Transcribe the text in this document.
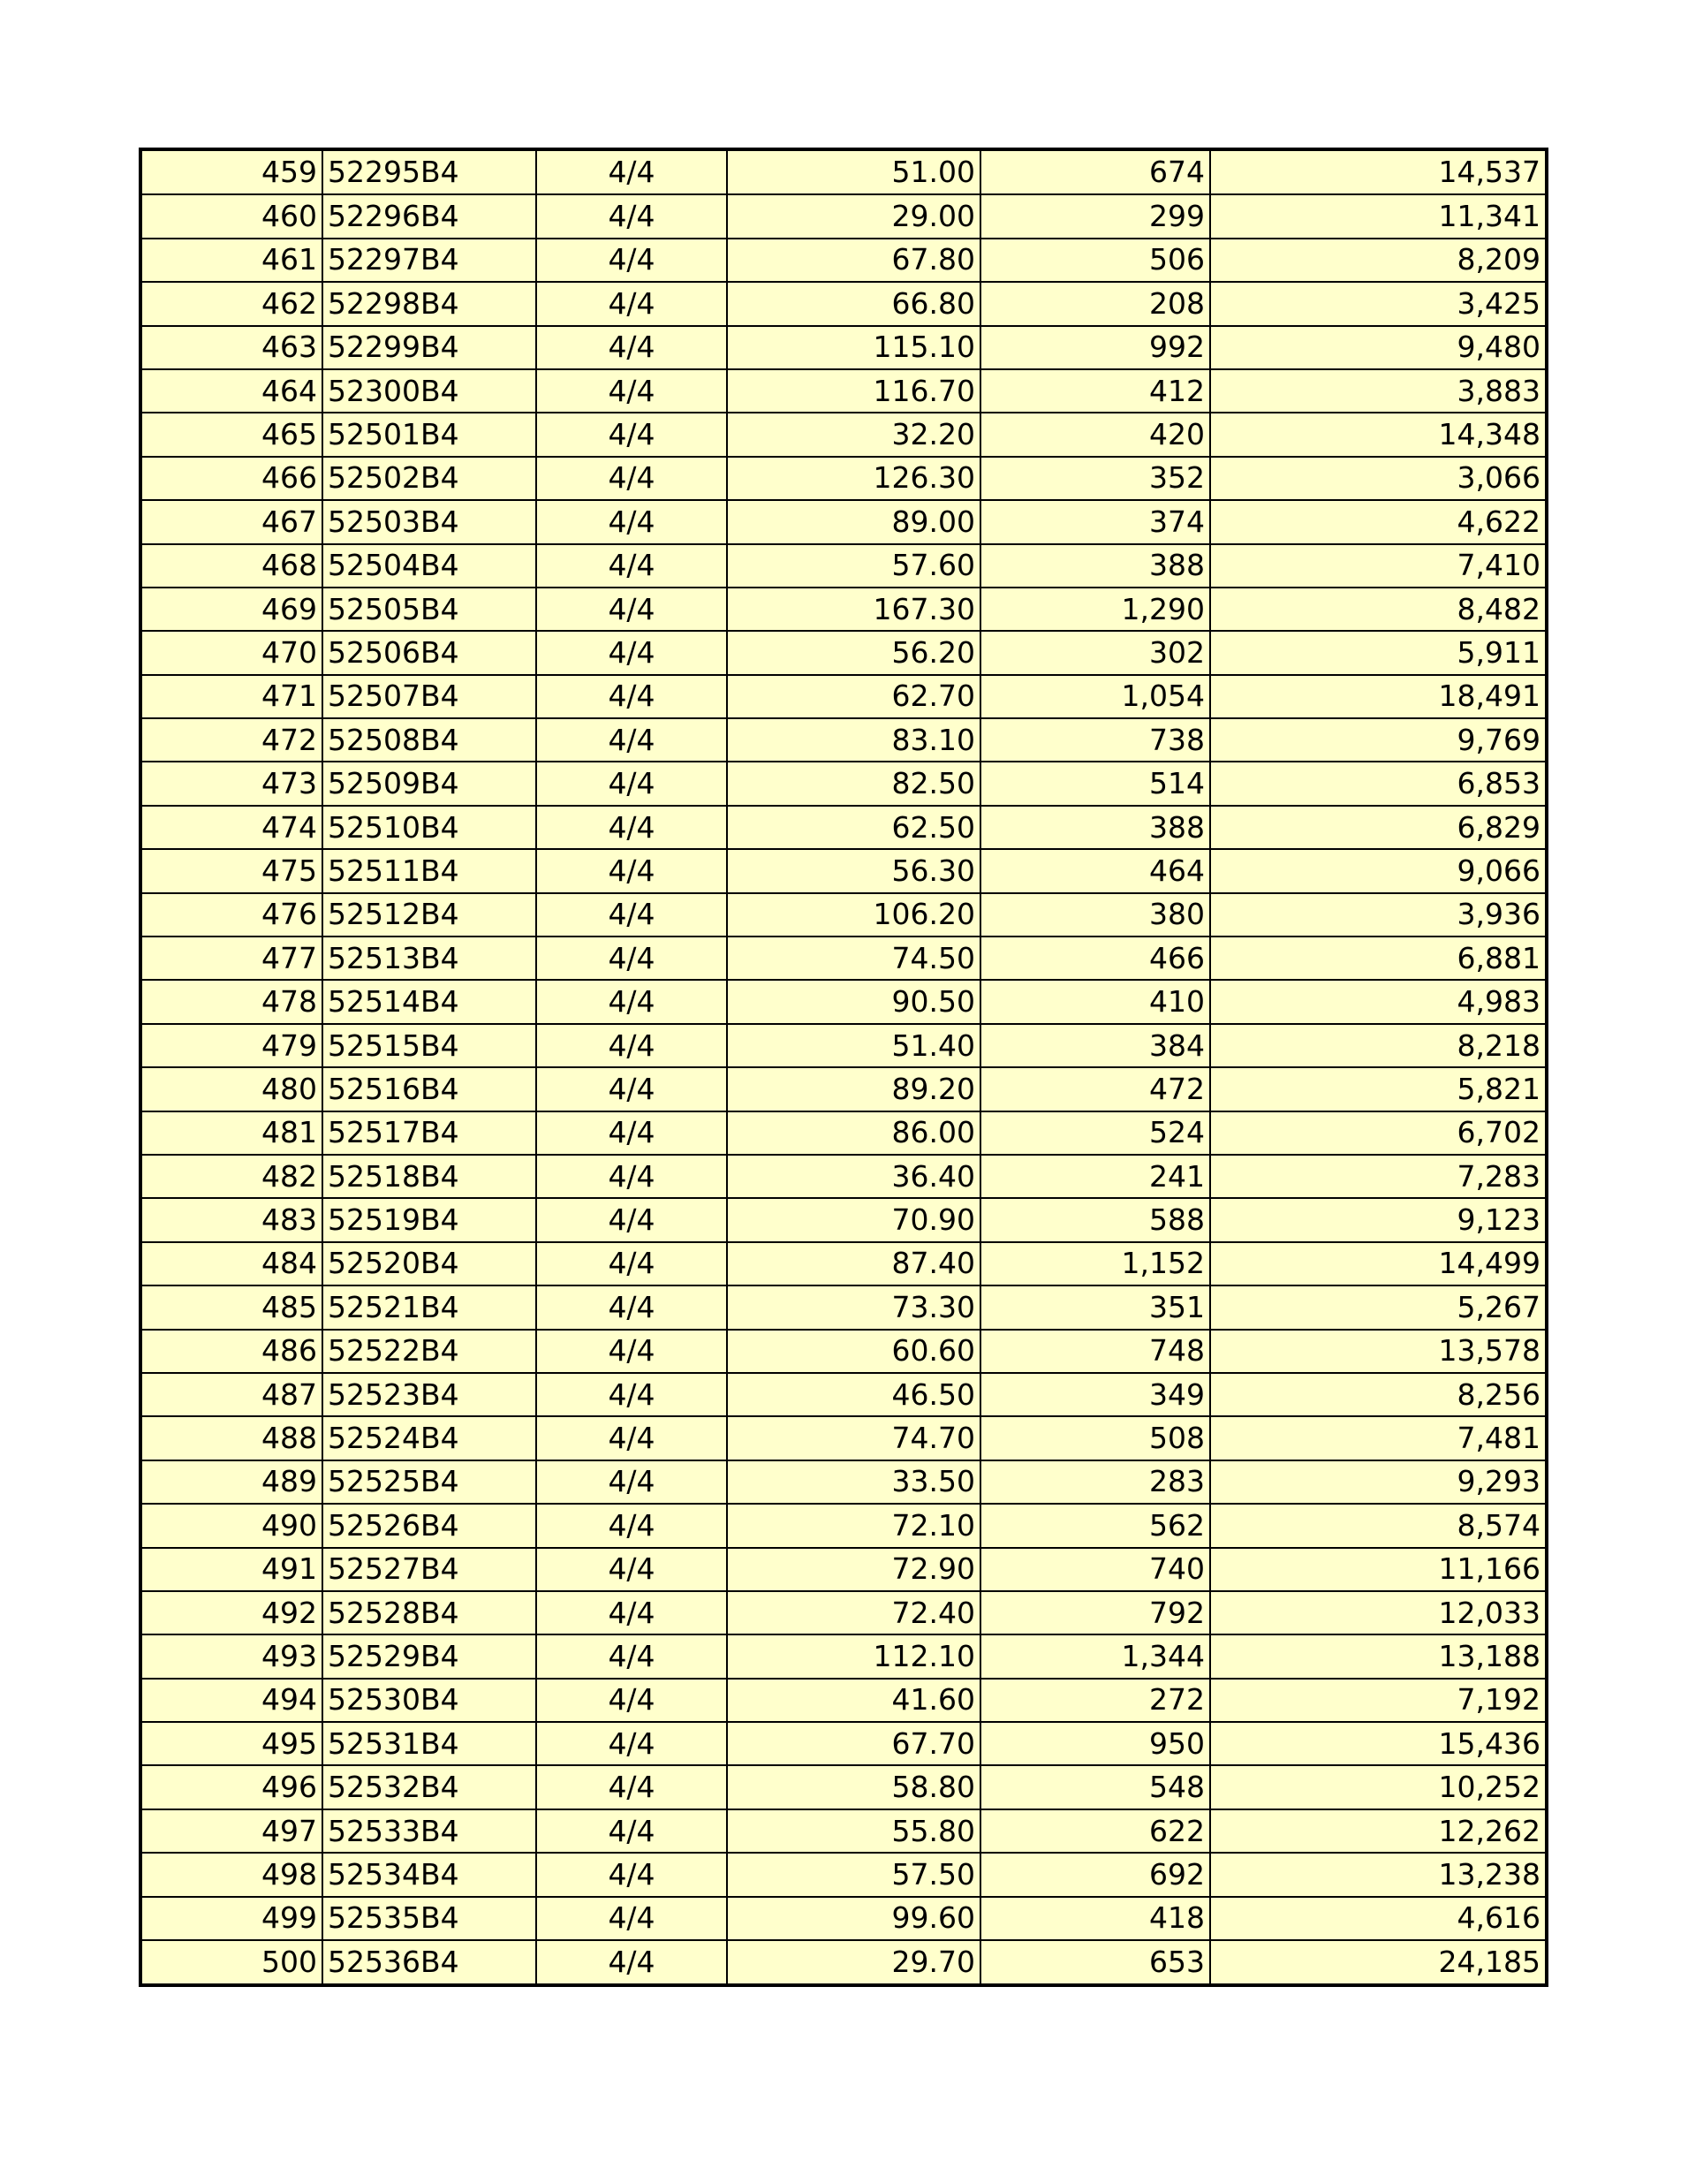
459	52295B4	4/4	51.00	674	14,537
460	52296B4	4/4	29.00	299	11,341
461	52297B4	4/4	67.80	506	8,209
462	52298B4	4/4	66.80	208	3,425
463	52299B4	4/4	115.10	992	9,480
464	52300B4	4/4	116.70	412	3,883
465	52501B4	4/4	32.20	420	14,348
466	52502B4	4/4	126.30	352	3,066
467	52503B4	4/4	89.00	374	4,622
468	52504B4	4/4	57.60	388	7,410
469	52505B4	4/4	167.30	1,290	8,482
470	52506B4	4/4	56.20	302	5,911
471	52507B4	4/4	62.70	1,054	18,491
472	52508B4	4/4	83.10	738	9,769
473	52509B4	4/4	82.50	514	6,853
474	52510B4	4/4	62.50	388	6,829
475	52511B4	4/4	56.30	464	9,066
476	52512B4	4/4	106.20	380	3,936
477	52513B4	4/4	74.50	466	6,881
478	52514B4	4/4	90.50	410	4,983
479	52515B4	4/4	51.40	384	8,218
480	52516B4	4/4	89.20	472	5,821
481	52517B4	4/4	86.00	524	6,702
482	52518B4	4/4	36.40	241	7,283
483	52519B4	4/4	70.90	588	9,123
484	52520B4	4/4	87.40	1,152	14,499
485	52521B4	4/4	73.30	351	5,267
486	52522B4	4/4	60.60	748	13,578
487	52523B4	4/4	46.50	349	8,256
488	52524B4	4/4	74.70	508	7,481
489	52525B4	4/4	33.50	283	9,293
490	52526B4	4/4	72.10	562	8,574
491	52527B4	4/4	72.90	740	11,166
492	52528B4	4/4	72.40	792	12,033
493	52529B4	4/4	112.10	1,344	13,188
494	52530B4	4/4	41.60	272	7,192
495	52531B4	4/4	67.70	950	15,436
496	52532B4	4/4	58.80	548	10,252
497	52533B4	4/4	55.80	622	12,262
498	52534B4	4/4	57.50	692	13,238
499	52535B4	4/4	99.60	418	4,616
500	52536B4	4/4	29.70	653	24,185
